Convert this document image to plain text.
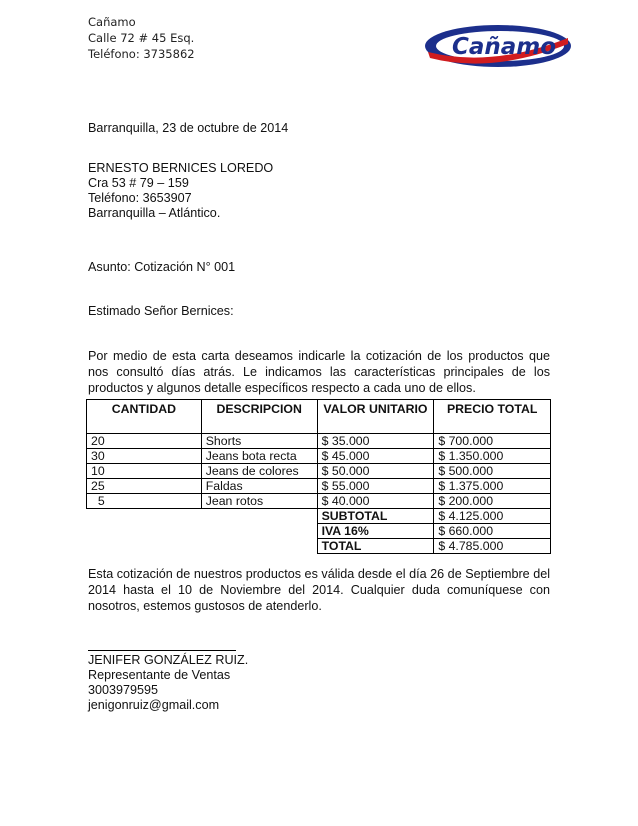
Cañamo
Calle 72 # 45 Esq.
Teléfono: 3735862	Cañamo
Barranquilla, 23 de octubre de 2014
ERNESTO BERNICES LOREDO
Cra 53 # 79 – 159
Teléfono: 3653907
Barranquilla – Atlántico.
Asunto: Cotización N° 001
Estimado Señor Bernices:
Por medio de esta carta deseamos indicarle la cotización de los productos que nos consultó días atrás. Le indicamos las características principales de los productos y algunos detalle específicos respecto a cada uno de ellos.
CANTIDAD	DESCRIPCION	VALOR UNITARIO	PRECIO TOTAL
20	Shorts	$ 35.000	$ 700.000
30	Jeans bota recta	$ 45.000	$ 1.350.000
10	Jeans de colores	$ 50.000	$ 500.000
25	Faldas	$ 55.000	$ 1.375.000
5	Jean rotos	$ 40.000	$ 200.000
		SUBTOTAL	$ 4.125.000
		IVA 16%	$ 660.000
		TOTAL	$ 4.785.000
Esta cotización de nuestros productos es válida desde el día 26 de Septiembre del 2014 hasta el 10 de Noviembre del 2014. Cualquier duda comuníquese con nosotros, estemos gustosos de atenderlo.
JENIFER GONZÁLEZ RUIZ.
Representante de Ventas
3003979595
jenigonruiz@gmail.com
